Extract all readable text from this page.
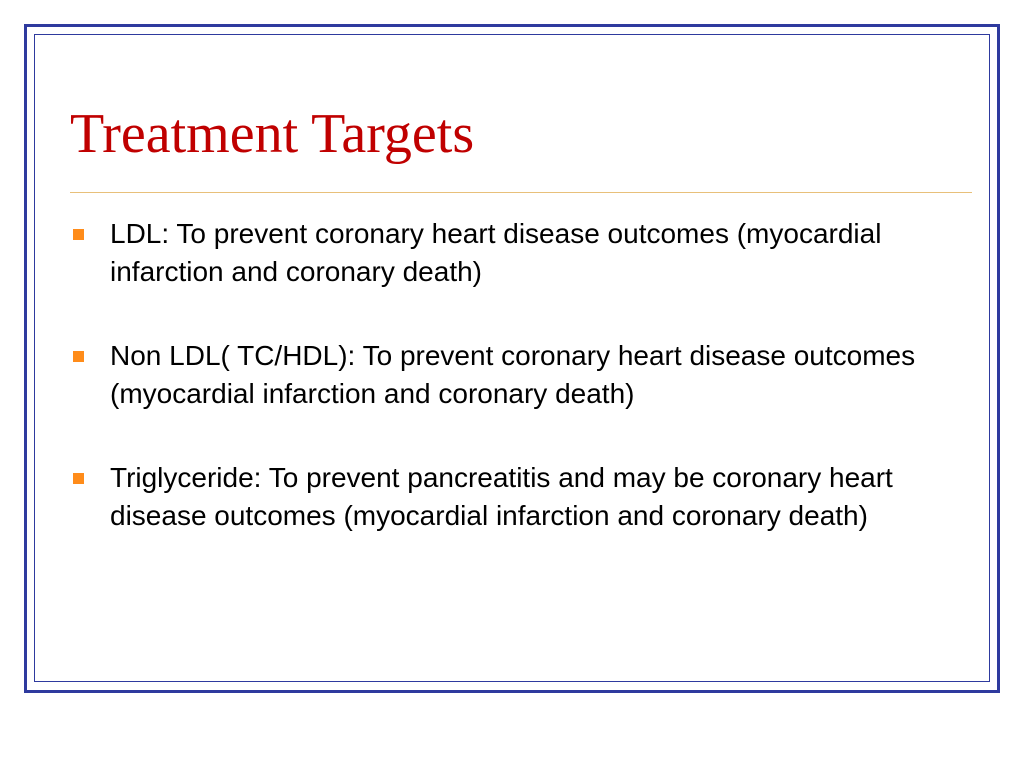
Treatment Targets
LDL: To prevent coronary heart disease outcomes (myocardial infarction and coronary death)
Non LDL( TC/HDL): To prevent coronary heart disease outcomes (myocardial infarction and coronary death)
Triglyceride: To prevent pancreatitis and may be coronary heart disease outcomes (myocardial infarction and coronary death)
